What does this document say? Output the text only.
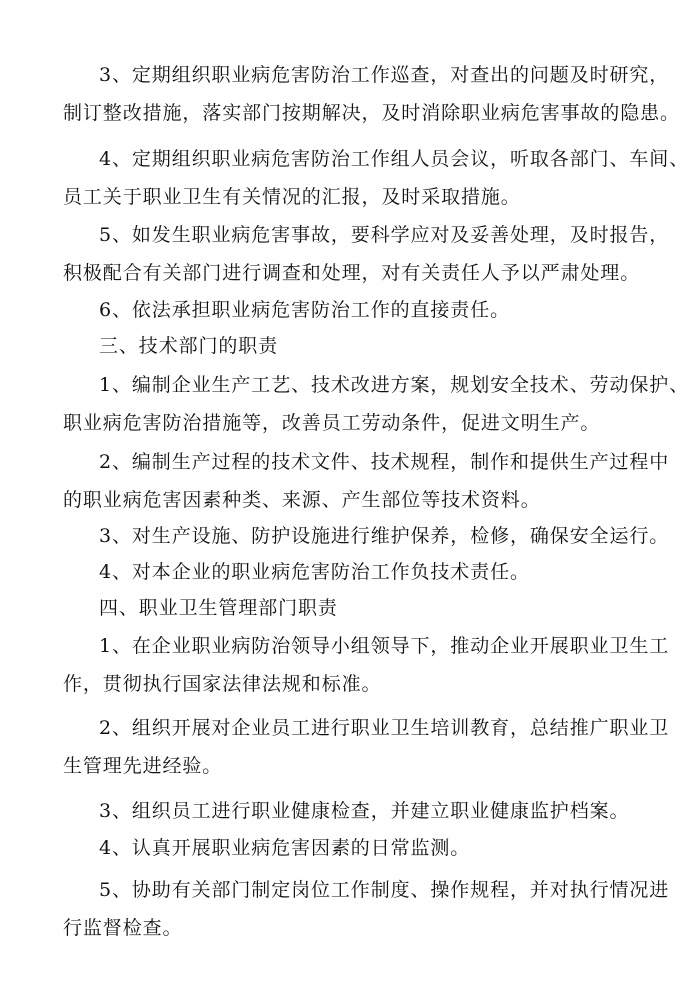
3、定期组织职业病危害防治工作巡查，对查出的问题及时研究，
制订整改措施，落实部门按期解决，及时消除职业病危害事故的隐患。
4、定期组织职业病危害防治工作组人员会议，听取各部门、车间、
员工关于职业卫生有关情况的汇报，及时采取措施。
5、如发生职业病危害事故，要科学应对及妥善处理，及时报告，
积极配合有关部门进行调查和处理，对有关责任人予以严肃处理。
6、依法承担职业病危害防治工作的直接责任。
三、技术部门的职责
1、编制企业生产工艺、技术改进方案，规划安全技术、劳动保护、
职业病危害防治措施等，改善员工劳动条件，促进文明生产。
2、编制生产过程的技术文件、技术规程，制作和提供生产过程中
的职业病危害因素种类、来源、产生部位等技术资料。
3、对生产设施、防护设施进行维护保养，检修，确保安全运行。
4、对本企业的职业病危害防治工作负技术责任。
四、职业卫生管理部门职责
1、在企业职业病防治领导小组领导下，推动企业开展职业卫生工
作，贯彻执行国家法律法规和标准。
2、组织开展对企业员工进行职业卫生培训教育，总结推广职业卫
生管理先进经验。
3、组织员工进行职业健康检查，并建立职业健康监护档案。
4、认真开展职业病危害因素的日常监测。
5、协助有关部门制定岗位工作制度、操作规程，并对执行情况进
行监督检查。
